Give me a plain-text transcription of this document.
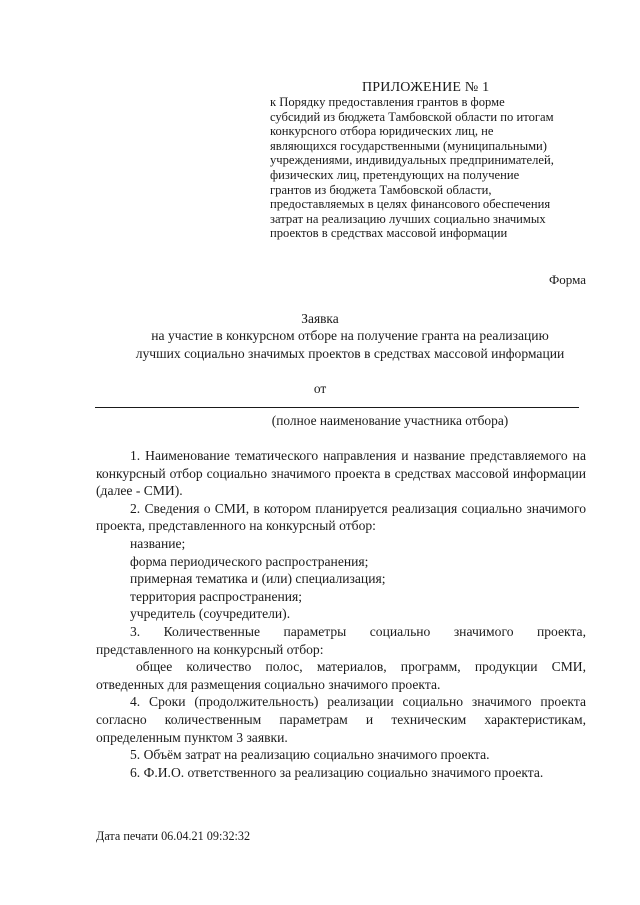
ПРИЛОЖЕНИЕ № 1
к Порядку предоставления грантов в форме
субсидий из бюджета Тамбовской области по итогам
конкурсного отбора юридических лиц, не
являющихся государственными (муниципальными)
учреждениями, индивидуальных предпринимателей,
физических лиц, претендующих на получение
грантов из бюджета Тамбовской области,
предоставляемых в целях финансового обеспечения
затрат на реализацию лучших социально значимых
проектов в средствах массовой информации
Форма
Заявка
на участие в конкурсном отборе на получение гранта на реализацию
лучших социально значимых проектов в средствах массовой информации
от
(полное наименование участника отбора)

1. Наименование тематического направления и название представляемого на конкурсный отбор социально значимого проекта в средствах массовой информации (далее - СМИ).

2. Сведения о СМИ, в котором планируется реализация социально значимого проекта, представленного на конкурсный отбор:

название;

форма периодического распространения;

примерная тематика и (или) специализация;

территория распространения;

учредитель (соучредители).

3. Количественные параметры социально значимого проекта, представленного на конкурсный отбор:

общее количество полос, материалов, программ, продукции СМИ, отведенных для размещения социально значимого проекта.

4. Сроки (продолжительность) реализации социально значимого проекта согласно количественным параметрам и техническим характеристикам, определенным пунктом 3 заявки.

5. Объём затрат на реализацию социально значимого проекта.

6. Ф.И.О. ответственного за реализацию социально значимого проекта.

Дата печати 06.04.21 09:32:32
